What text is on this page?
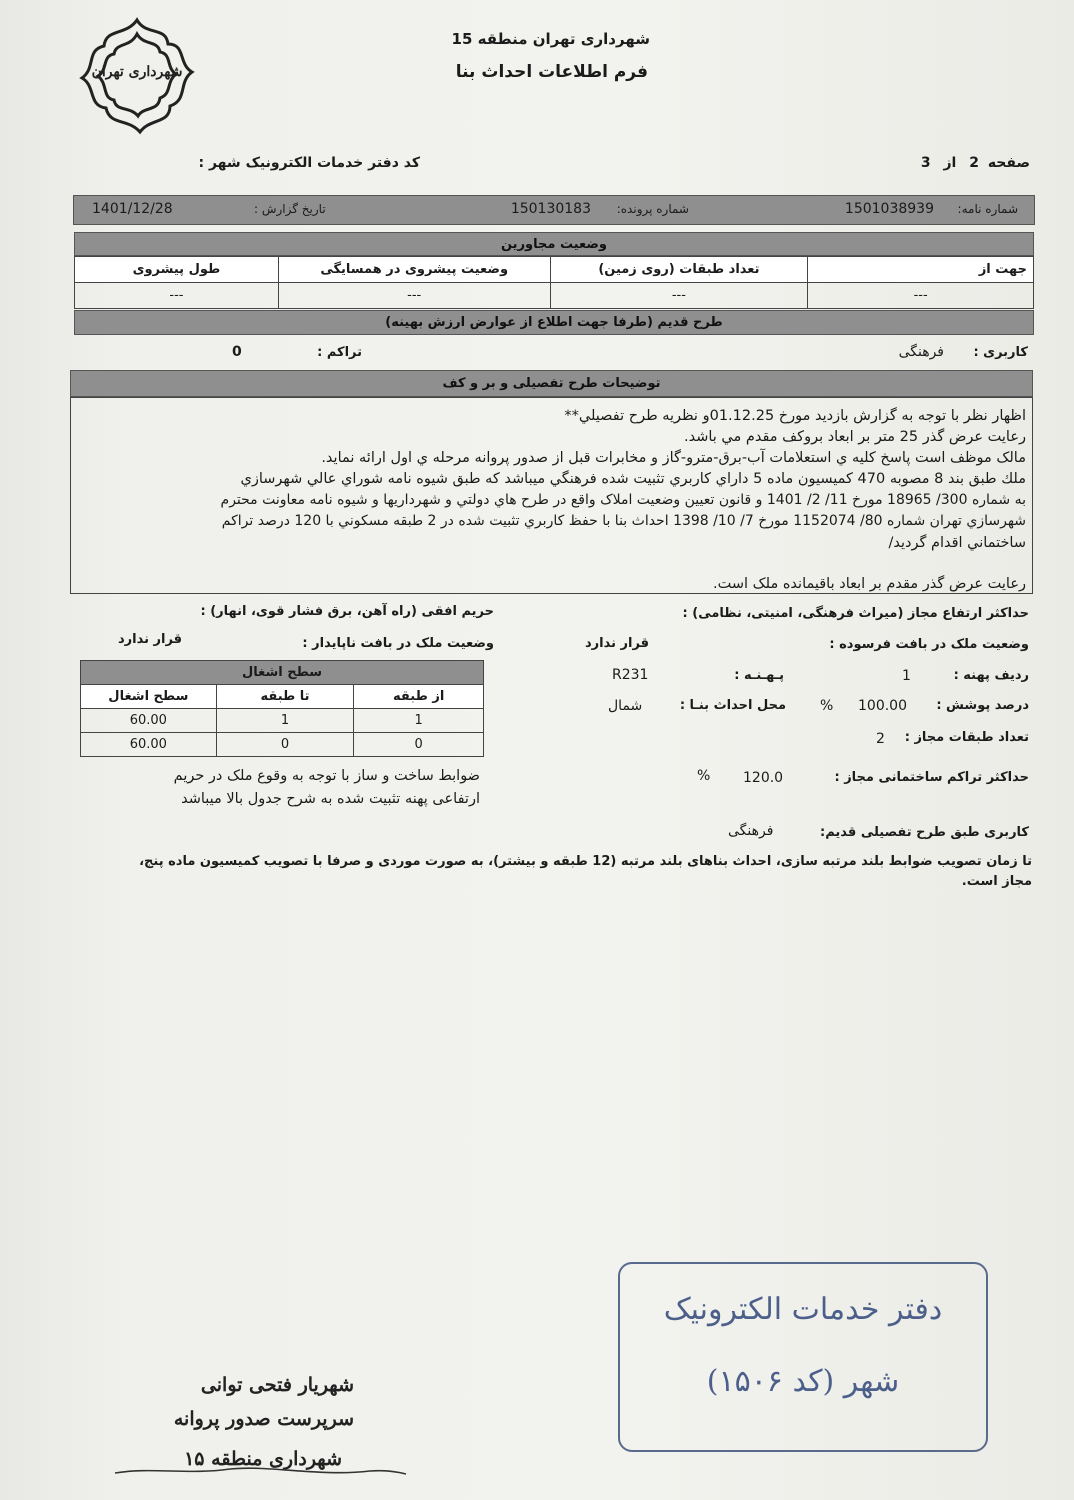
شهرداری تهران
شهرداری تهران منطقه 15
فرم اطلاعات احداث بنا
کد دفتر خدمات الکترونیک شهر :	صفحه 2 از 3
شماره نامه:
1501038939
شماره پرونده:
150130183
تاریخ گزارش :
1401/12/28
وضعیت مجاورین
جهت از	تعداد طبقات (روی زمین)	وضعیت پیشروی در همسایگی	طول پیشروی
---	---	---	---
طرح قدیم (طرفا جهت اطلاع از عوارض ارزش بهینه)
کاربری :
فرهنگی
تراکم :
0
توضیحات طرح تفصیلی و بر و کف
اظهار نظر با توجه به گزارش بازدید مورخ 01.12.25و نظریه طرح تفصیلي**
رعایت عرض گذر 25 متر بر ابعاد بروکف مقدم مي باشد.
مالک موظف است پاسخ کلیه ي استعلامات آب-برق-مترو-گاز و مخابرات قبل از صدور پروانه مرحله ي اول ارائه نماید.
ملك طبق بند 8 مصوبه 470 کمیسیون ماده 5 داراي کاربري تثبیت شده فرهنگي میباشد که طبق شیوه نامه شوراي عالي شهرسازي
به شماره 300/ 18965 مورخ 11/ 2/ 1401 و قانون تعیین وضعیت املاک واقع در طرح هاي دولتي و شهرداریها و شیوه نامه معاونت محترم
شهرسازي تهران شماره 80/ 1152074 مورخ 7/ 10/ 1398 احداث بنا با حفظ کاربري تثبیت شده در 2 طبقه مسکوني با 120 درصد تراکم
ساختماني اقدام گردید/
رعایت عرض گذر مقدم بر ابعاد باقیمانده ملک است.
حداکثر ارتفاع مجاز (میراث فرهنگی، امنیتی، نظامی) :
حریم افقی (راه آهن، برق فشار قوی، انهار) :
وضعیت ملک در بافت فرسوده :
قرار ندارد
وضعیت ملک در بافت ناپایدار :
قرار ندارد
ردیف پهنه :
1
پـهـنـه :
R231
درصد پوشش :
100.00
%
محل احداث بنـا :
شمال
تعداد طبقات مجاز :
2
حداکثر تراکم ساختمانی مجاز :
120.0
%
کاربری طبق طرح تفصیلی قدیم:
فرهنگی
سطح اشغال		
از طبقه	تا طبقه	سطح اشغال
1	1	60.00
0	0	60.00
ضوابط ساخت و ساز با توجه به وقوع ملک در حریم
ارتفاعی پهنه تثبیت شده به شرح جدول بالا میباشد
تا زمان تصویب ضوابط بلند مرتبه سازی، احداث بناهای بلند مرتبه (12 طبقه و بیشتر)، به صورت موردی و صرفا با تصویب کمیسیون ماده پنج،
مجاز است.
دفتر خدمات الکترونیک
شهر (کد ۱۵۰۶)
شهریار فتحی توانی
سرپرست صدور پروانه
شهرداری منطقه ۱۵
